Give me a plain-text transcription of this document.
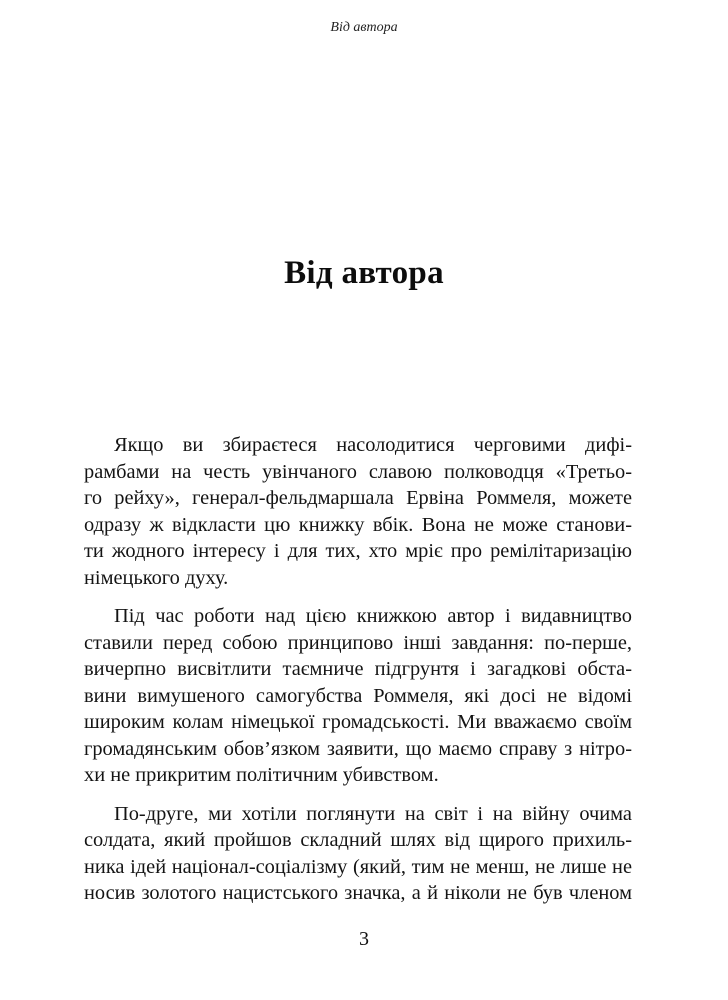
Від автора
Від автора

Якщо ви збираєтеся насолодитися черговими дифі-
рамбами на честь увінчаного славою полководця «Третьо-
го рейху», генерал-фельдмаршала Ервіна Роммеля, можете
одразу ж відкласти цю книжку вбік. Вона не може станови-
ти жодного інтересу і для тих, хто мріє про ремілітаризацію
німецького духу.

Під час роботи над цією книжкою автор і видавництво
ставили перед собою принципово інші завдання: по-перше,
вичерпно висвітлити таємниче підгрунтя і загадкові обста-
вини вимушеного самогубства Роммеля, які досі не відомі
широким колам німецької громадськості. Ми вважаємо своїм
громадянським обов’язком заявити, що маємо справу з нітро-
хи не прикритим політичним убивством.

По-друге, ми хотіли поглянути на світ і на війну очима
солдата, який пройшов складний шлях від щирого прихиль-
ника ідей націонал-соціалізму (який, тим не менш, не лише не
носив золотого нацистського значка, а й ніколи не був членом

3
